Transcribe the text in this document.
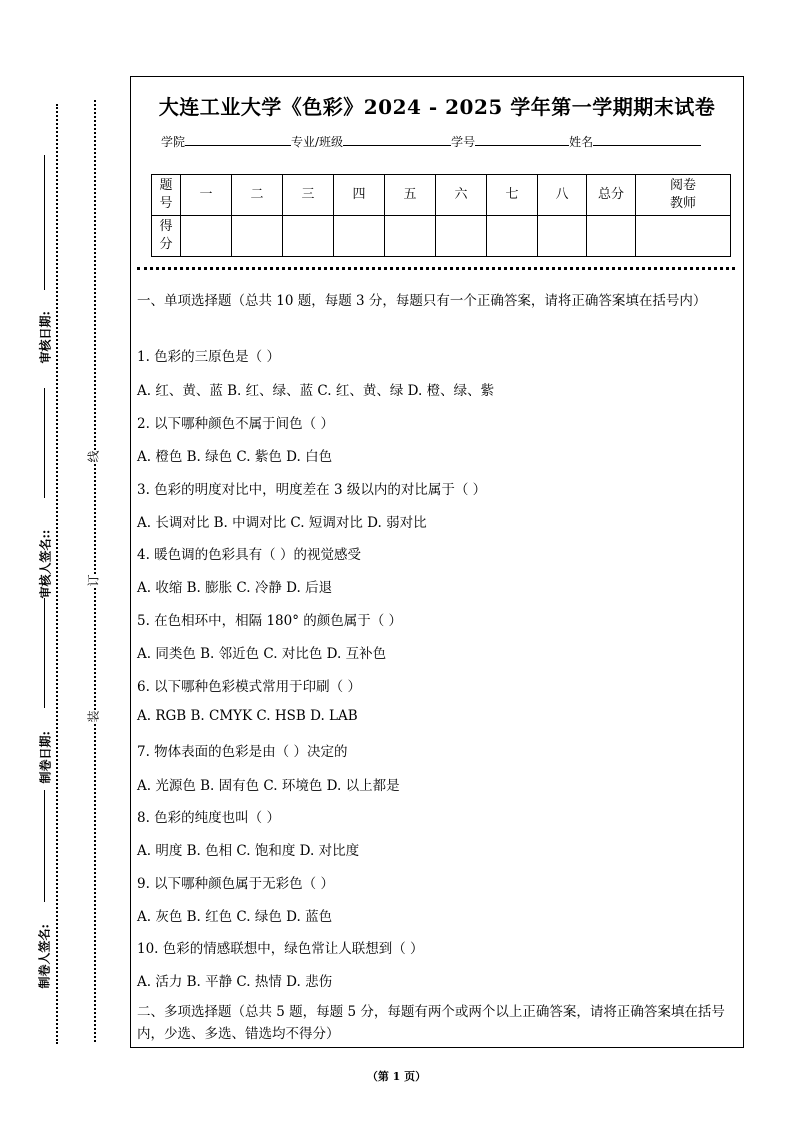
审核日期:
审核人签名::
制卷日期:
制卷人签名:
线
订
装
大连工业大学《色彩》2024 - 2025 学年第一学期期末试卷
学院	专业/班级	学号	姓名
题号	一	二	三	四	五	六	七	八	总分	阅卷教师
得 分										
一、单项选择题（总共 10 题，每题 3 分，每题只有一个正确答案，请将正确答案填在括号内）
1. 色彩的三原色是（ ）
A. 红、黄、蓝 B. 红、绿、蓝 C. 红、黄、绿 D. 橙、绿、紫
2. 以下哪种颜色不属于间色（ ）
A. 橙色 B. 绿色 C. 紫色 D. 白色
3. 色彩的明度对比中，明度差在 3 级以内的对比属于（ ）
A. 长调对比 B. 中调对比 C. 短调对比 D. 弱对比
4. 暖色调的色彩具有（ ）的视觉感受
A. 收缩 B. 膨胀 C. 冷静 D. 后退
5. 在色相环中，相隔 180° 的颜色属于（ ）
A. 同类色 B. 邻近色 C. 对比色 D. 互补色
6. 以下哪种色彩模式常用于印刷（ ）
A. RGB B. CMYK C. HSB D. LAB
7. 物体表面的色彩是由（ ）决定的
A. 光源色 B. 固有色 C. 环境色 D. 以上都是
8. 色彩的纯度也叫（ ）
A. 明度 B. 色相 C. 饱和度 D. 对比度
9. 以下哪种颜色属于无彩色（ ）
A. 灰色 B. 红色 C. 绿色 D. 蓝色
10. 色彩的情感联想中，绿色常让人联想到（ ）
A. 活力 B. 平静 C. 热情 D. 悲伤
二、多项选择题（总共 5 题，每题 5 分，每题有两个或两个以上正确答案，请将正确答案填在括号内，少选、多选、错选均不得分）
（第 1 页）
